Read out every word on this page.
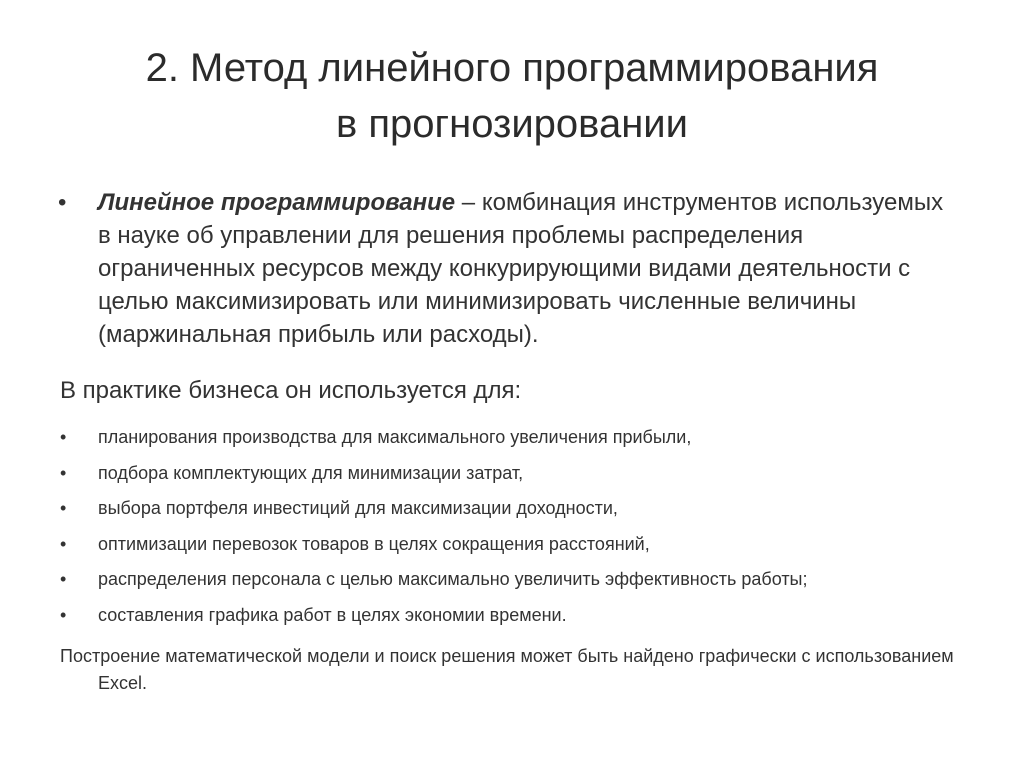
2. Метод линейного программирования
в прогнозировании
•	Линейное программирование – комбинация инструментов используемых в науке об управлении для решения проблемы распределения ограниченных ресурсов между конкурирующими видами деятельности с целью максимизировать или минимизировать численные величины (маржинальная прибыль или расходы).
В практике бизнеса он используется для:
•	планирования производства для максимального увеличения прибыли,
•	подбора комплектующих для минимизации затрат,
•	выбора портфеля инвестиций для максимизации доходности,
•	оптимизации перевозок товаров в целях сокращения расстояний,
•	распределения персонала с целью максимально увеличить эффективность работы;
•	составления графика работ в целях экономии времени.
Построение математической модели и поиск решения может быть найдено графически с использованием Excel.
